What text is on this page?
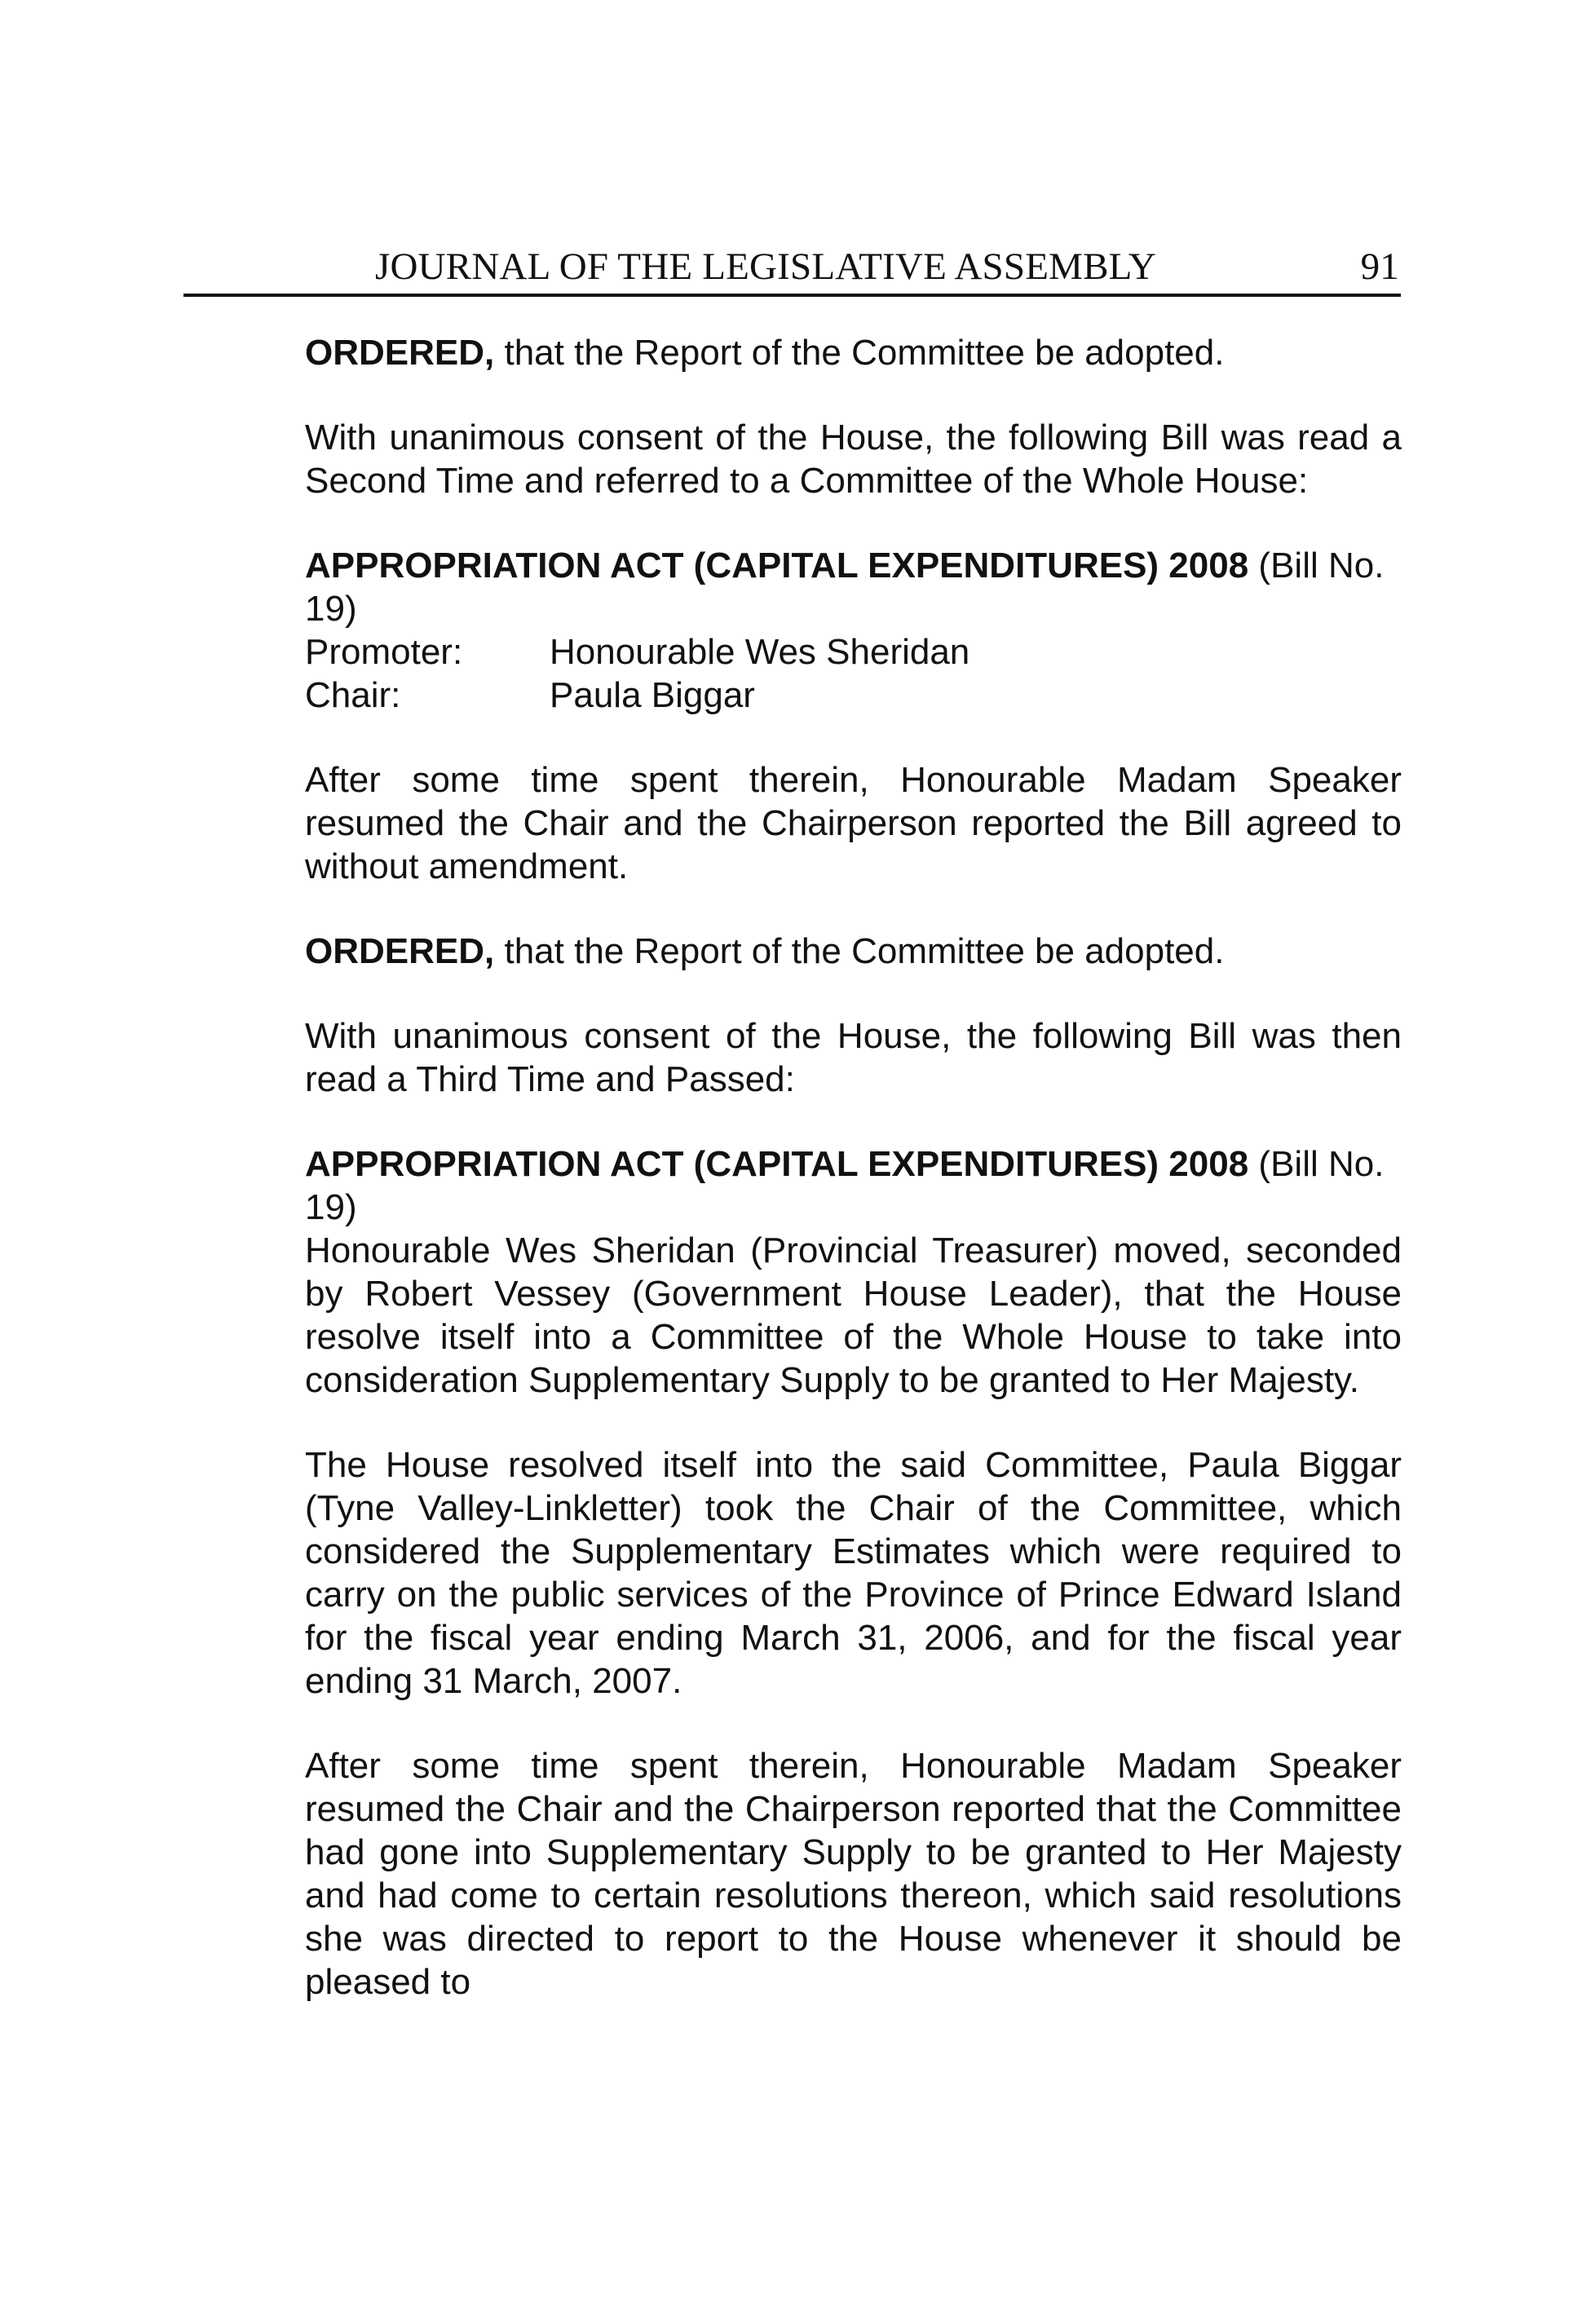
JOURNAL OF THE LEGISLATIVE ASSEMBLY	91

ORDERED, that the Report of the Committee be adopted.

With unanimous consent of the House, the following Bill was read a Second Time and referred to a Committee of the Whole House:

APPROPRIATION ACT (CAPITAL EXPENDITURES) 2008 (Bill No. 19)

Promoter:	Honourable Wes Sheridan
Chair:	Paula Biggar

After some time spent therein, Honourable Madam Speaker resumed the Chair and the Chairperson reported the Bill agreed to without amendment.

ORDERED, that the Report of the Committee be adopted.

With unanimous consent of the House, the following Bill was then read a Third Time and Passed:

APPROPRIATION ACT (CAPITAL EXPENDITURES) 2008 (Bill No. 19)

Honourable Wes Sheridan (Provincial Treasurer) moved, seconded by Robert Vessey (Government House Leader), that the House resolve itself into a Committee of the Whole House to take into consideration Supplementary Supply to be granted to Her Majesty.

The House resolved itself into the said Committee, Paula Biggar (Tyne Valley-Linkletter) took the Chair of the Committee, which considered the Supplementary Estimates which were required to carry on the public services of the Province of Prince Edward Island for the fiscal year ending March 31, 2006, and for the fiscal year ending 31 March, 2007.

After some time spent therein, Honourable Madam Speaker resumed the Chair and the Chairperson reported that the Committee had gone into Supplementary Supply to be granted to Her Majesty and had come to certain resolutions thereon, which said resolutions she was directed to report to the House whenever it should be pleased to
